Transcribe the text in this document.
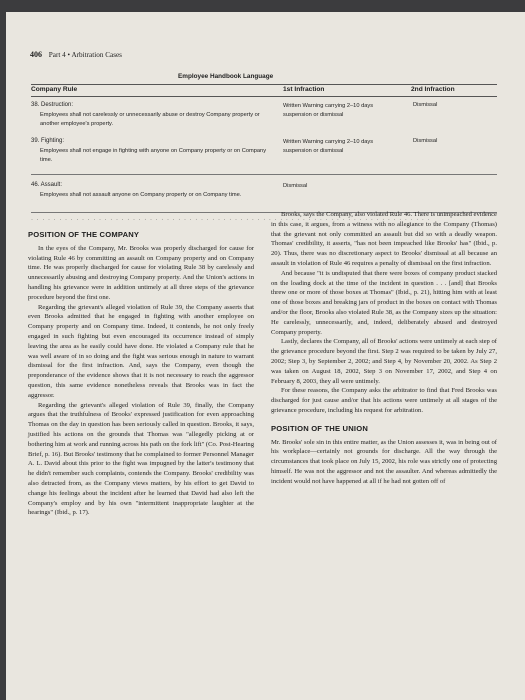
406 Part 4 • Arbitration Cases
Employee Handbook Language
Company Rule	1st Infraction	2nd Infraction
38. Destruction:
Employees shall not carelessly or unnecessarily abuse or destroy Company property or another employee's property.
Written Warning carrying 2–10 days suspension or dismissal
Dismissal
39. Fighting:
Employees shall not engage in fighting with anyone on Company property or on Company time.
Written Warning carrying 2–10 days suspension or dismissal
Dismissal
· · · · · · · · · · · · · · · · · · · · · · · · · · · · · · · · · · · · · · · · · · · · · · · · · · · · · · · · · · · · · · · · · · · · · · ·
46. Assault:
Employees shall not assault anyone on Company property or on Company time.
Dismissal
POSITION OF THE COMPANY

In the eyes of the Company, Mr. Brooks was properly discharged for cause for violating Rule 46 by committing an assault on Company property and on Company time. He was properly discharged for cause for violating Rule 38 by carelessly and unnecessarily abusing and destroying Company property. And the Union's actions in handling his grievance were in addition untimely at all three steps of the grievance procedure beyond the first one.

Regarding the grievant's alleged violation of Rule 39, the Company asserts that even Brooks admitted that he engaged in fighting with another employee on Company property and on Company time. Indeed, it contends, he not only freely engaged in such fighting but even encouraged its occurrence instead of simply leaving the area as he easily could have done. He violated a Company rule that he was well aware of in so doing and the fight was serious enough in nature to warrant dismissal for the first infraction. And, says the Company, even though the preponderance of the evidence shows that it is not necessary to reach the aggressor question, this same evidence nonetheless reveals that Brooks was in fact the aggressor.

Regarding the grievant's alleged violation of Rule 39, finally, the Company argues that the truthfulness of Brooks' expressed justification for even approaching Thomas on the day in question has been seriously called in question. Brooks, it says, justified his actions on the grounds that Thomas was "allegedly picking at or bothering him at work and running across his path on the fork lift" (Co. Post-Hearing Brief, p. 16). But Brooks' testimony that he complained to former Personnel Manager A. L. David about this prior to the fight was impugned by the latter's testimony that he didn't remember such complaints, contends the Company. Brooks' credibility was also detracted from, as the Company views matters, by his effort to get David to change his feelings about the incident after he learned that David had also left the Company's employ and by his own "intermittent inappropriate laughter at the hearings" (Ibid., p. 17).

Brooks, says the Company, also violated Rule 46. There is unimpeached evidence in this case, it argues, from a witness with no allegiance to the Company (Thomas) that the grievant not only committed an assault but did so with a deadly weapon. Thomas' credibility, it asserts, "has not been impeached like Brooks' has" (Ibid., p. 20). Thus, there was no discretionary aspect to Brooks' dismissal at all because an assault in violation of Rule 46 requires a penalty of dismissal on the first infraction.

And because "it is undisputed that there were boxes of company product stacked on the loading dock at the time of the incident in question . . . [and] that Brooks threw one or more of those boxes at Thomas" (Ibid., p. 21), hitting him with at least one of those boxes and breaking jars of product in the boxes on contact with Thomas and/or the floor, Brooks also violated Rule 38, as the Company sizes up the situation: He carelessly, unnecessarily, and, indeed, deliberately abused and destroyed Company property.

Lastly, declares the Company, all of Brooks' actions were untimely at each step of the grievance procedure beyond the first. Step 2 was required to be taken by July 27, 2002; Step 3, by September 2, 2002; and Step 4, by November 20, 2002. As Step 2 was taken on August 18, 2002, Step 3 on November 17, 2002, and Step 4 on February 8, 2003, they all were untimely.

For these reasons, the Company asks the arbitrator to find that Fred Brooks was discharged for just cause and/or that his actions were untimely at all stages of the grievance procedure, including his request for arbitration.

POSITION OF THE UNION

Mr. Brooks' sole sin in this entire matter, as the Union assesses it, was in being out of his workplace—certainly not grounds for discharge. All the way through the circumstances that took place on July 15, 2002, his role was strictly one of protecting himself. He was not the aggressor and not the assaulter. And whereas admittedly the incident would not have happened at all if he had not gotten off of
